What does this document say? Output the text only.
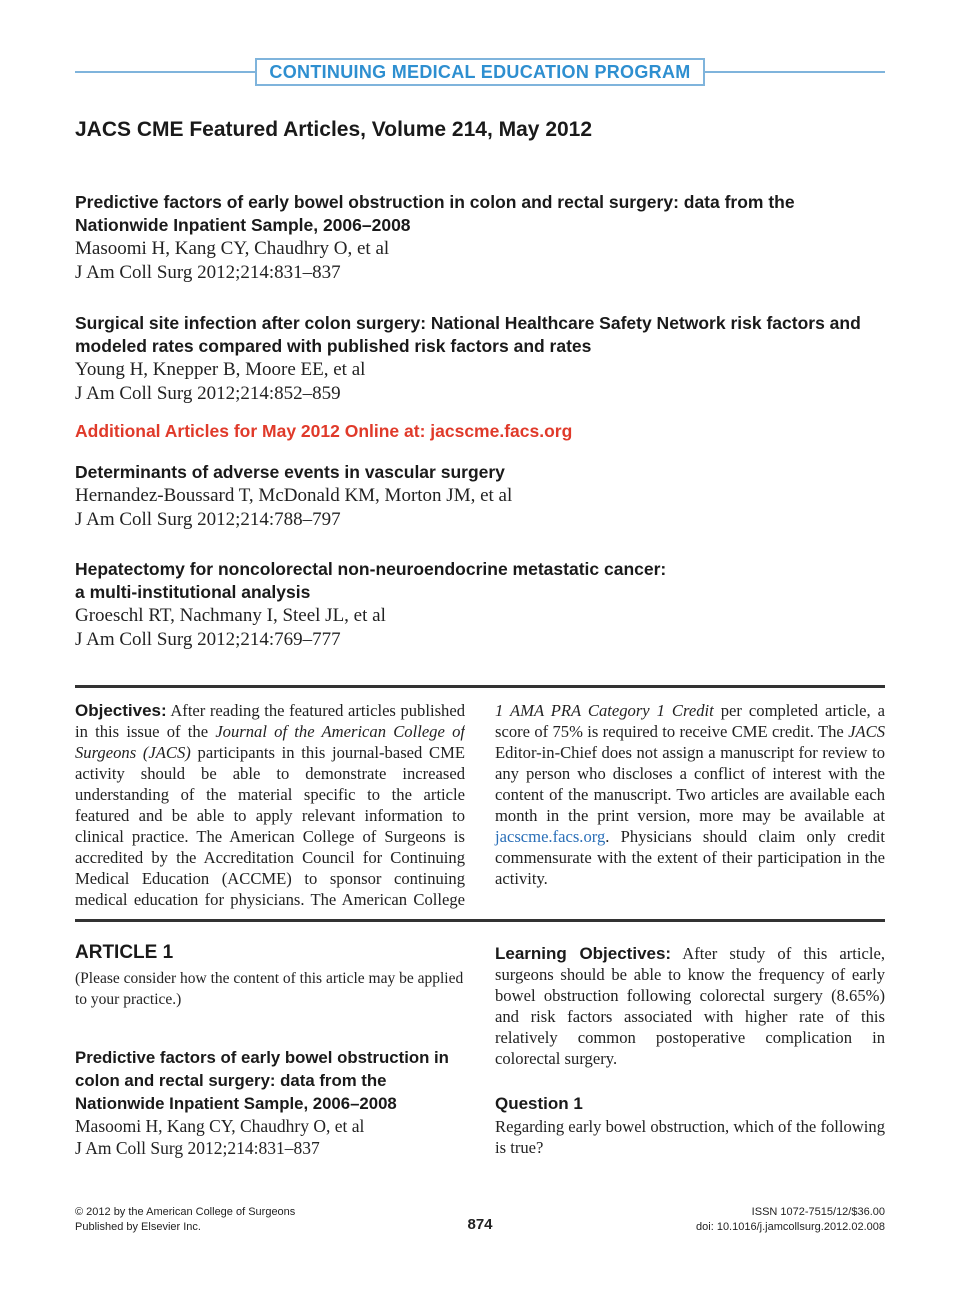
CONTINUING MEDICAL EDUCATION PROGRAM
JACS CME Featured Articles, Volume 214, May 2012
Predictive factors of early bowel obstruction in colon and rectal surgery: data from the Nationwide Inpatient Sample, 2006–2008
Masoomi H, Kang CY, Chaudhry O, et al
J Am Coll Surg 2012;214:831–837
Surgical site infection after colon surgery: National Healthcare Safety Network risk factors and modeled rates compared with published risk factors and rates
Young H, Knepper B, Moore EE, et al
J Am Coll Surg 2012;214:852–859
Additional Articles for May 2012 Online at: jacscme.facs.org
Determinants of adverse events in vascular surgery
Hernandez-Boussard T, McDonald KM, Morton JM, et al
J Am Coll Surg 2012;214:788–797
Hepatectomy for noncolorectal non-neuroendocrine metastatic cancer:
a multi-institutional analysis
Groeschl RT, Nachmany I, Steel JL, et al
J Am Coll Surg 2012;214:769–777
Objectives: After reading the featured articles published in this issue of the Journal of the American College of Surgeons (JACS) participants in this journal-based CME activity should be able to demonstrate increased understanding of the material specific to the article featured and be able to apply relevant information to clinical practice. The American College of Surgeons is accredited by the Accreditation Council for Continuing Medical Education (ACCME) to sponsor continuing medical education for physicians. The American College
1 AMA PRA Category 1 Credit per completed article, a score of 75% is required to receive CME credit. The JACS Editor-in-Chief does not assign a manuscript for review to any person who discloses a conflict of interest with the content of the manuscript. Two articles are available each month in the print version, more may be available at jacscme.facs.org. Physicians should claim only credit commensurate with the extent of their participation in the activity.
ARTICLE 1
(Please consider how the content of this article may be applied to your practice.)
Predictive factors of early bowel obstruction in colon and rectal surgery: data from the Nationwide Inpatient Sample, 2006–2008
Masoomi H, Kang CY, Chaudhry O, et al
J Am Coll Surg 2012;214:831–837
Learning Objectives: After study of this article, surgeons should be able to know the frequency of early bowel obstruction following colorectal surgery (8.65%) and risk factors associated with higher rate of this relatively common postoperative complication in colorectal surgery.
Question 1
Regarding early bowel obstruction, which of the following is true?
© 2012 by the American College of Surgeons
Published by Elsevier Inc.	874
ISSN 1072-7515/12/$36.00
doi: 10.1016/j.jamcollsurg.2012.02.008
